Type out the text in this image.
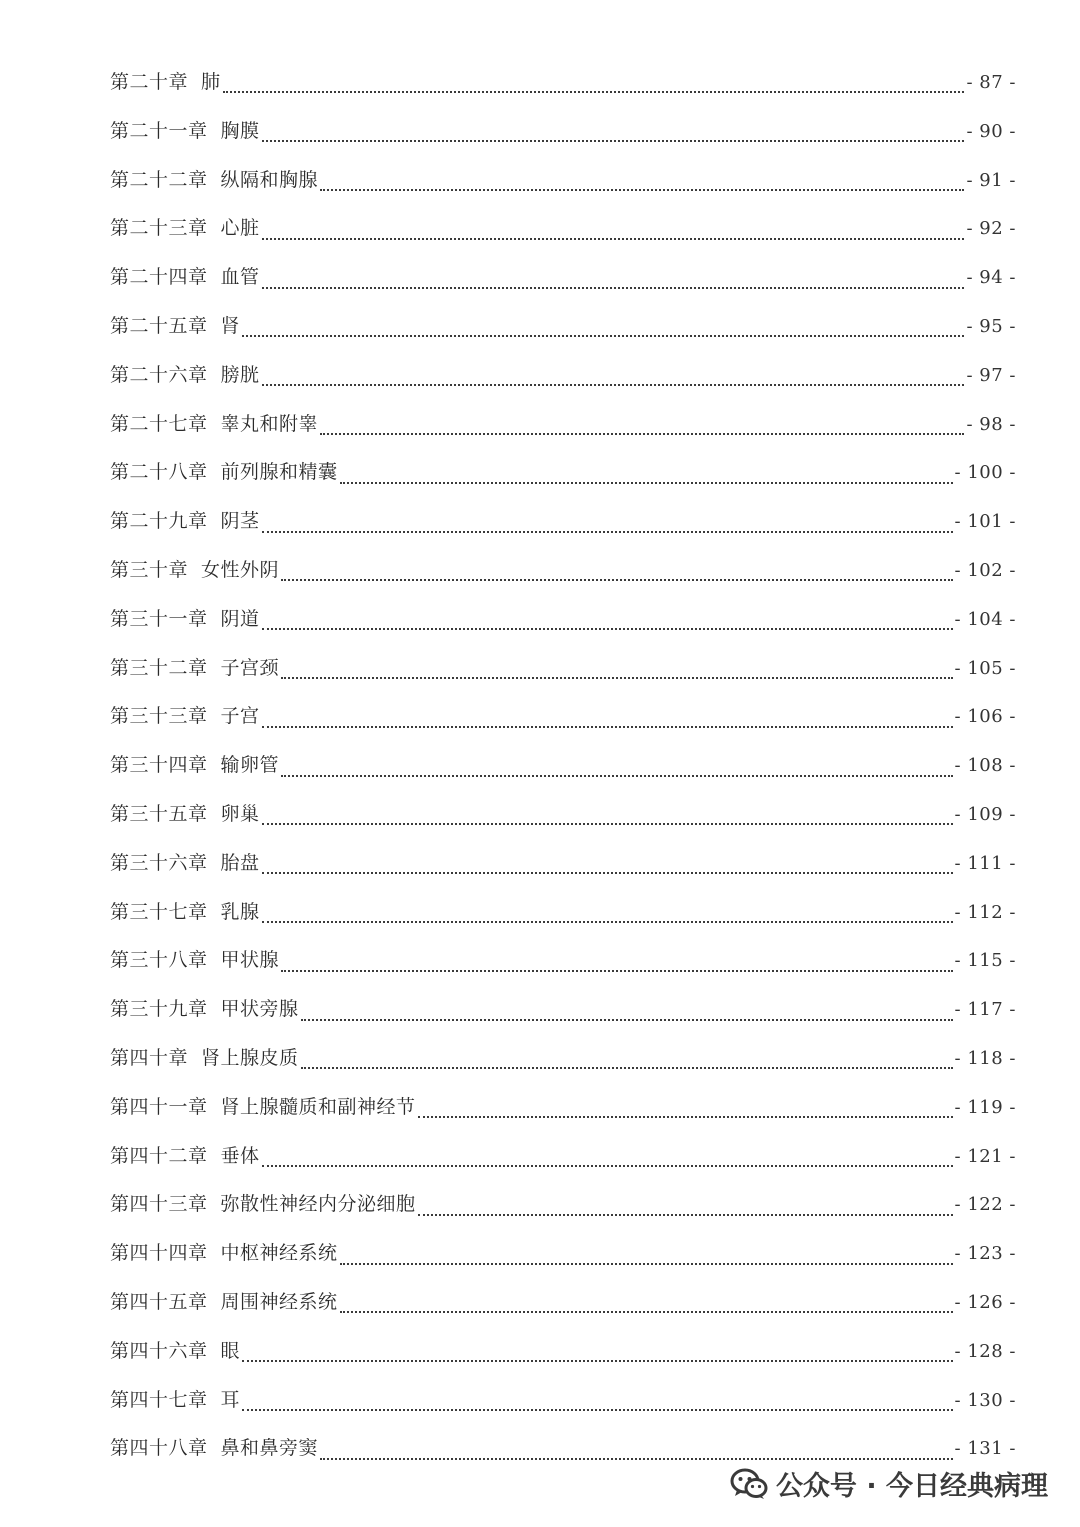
第二十章 肺	- 87 -
第二十一章 胸膜	- 90 -
第二十二章 纵隔和胸腺	- 91 -
第二十三章 心脏	- 92 -
第二十四章 血管	- 94 -
第二十五章 肾	- 95 -
第二十六章 膀胱	- 97 -
第二十七章 睾丸和附睾	- 98 -
第二十八章 前列腺和精囊	- 100 -
第二十九章 阴茎	- 101 -
第三十章 女性外阴	- 102 -
第三十一章 阴道	- 104 -
第三十二章 子宫颈	- 105 -
第三十三章 子宫	- 106 -
第三十四章 输卵管	- 108 -
第三十五章 卵巢	- 109 -
第三十六章 胎盘	- 111 -
第三十七章 乳腺	- 112 -
第三十八章 甲状腺	- 115 -
第三十九章 甲状旁腺	- 117 -
第四十章 肾上腺皮质	- 118 -
第四十一章 肾上腺髓质和副神经节	- 119 -
第四十二章 垂体	- 121 -
第四十三章 弥散性神经内分泌细胞	- 122 -
第四十四章 中枢神经系统	- 123 -
第四十五章 周围神经系统	- 126 -
第四十六章 眼	- 128 -
第四十七章 耳	- 130 -
第四十八章 鼻和鼻旁窦	- 131 -
公众号 · 今日经典病理
